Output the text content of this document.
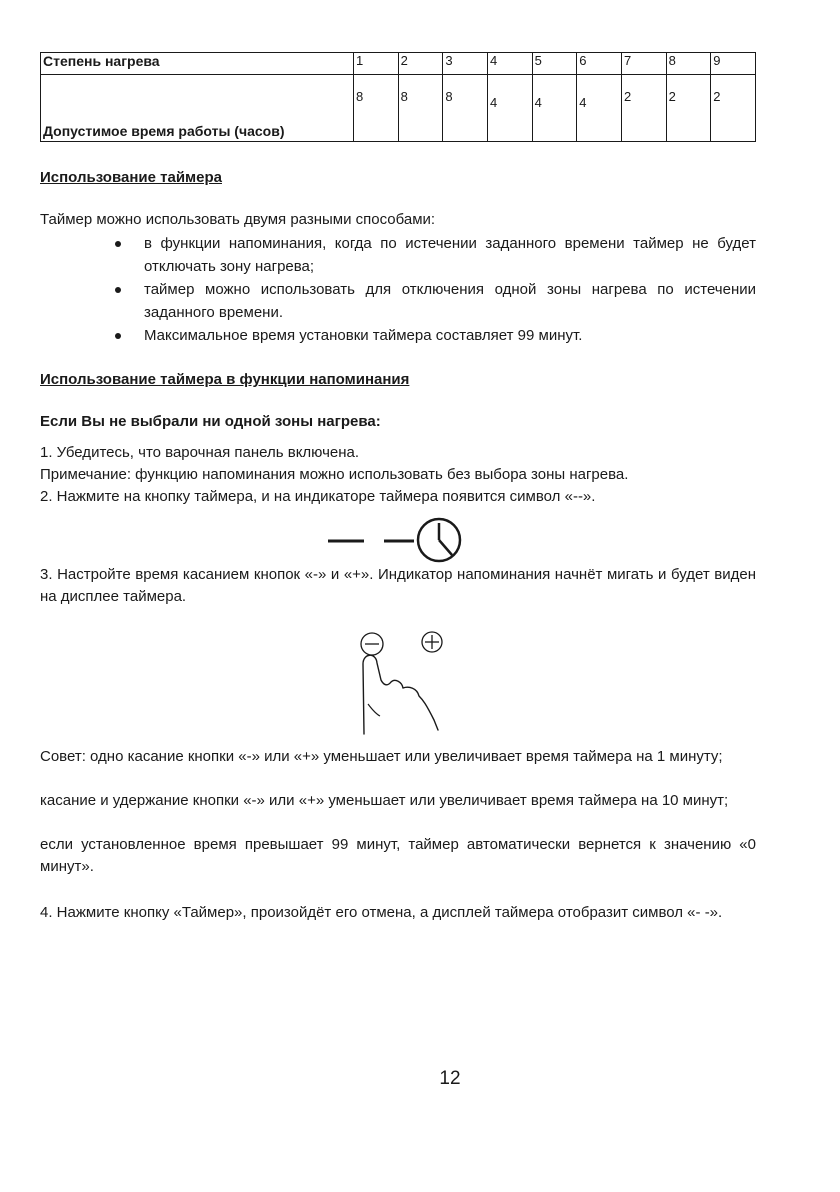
Степень нагрева	1	2	3	4	5	6	7	8	9
Допустимое время работы (часов)	8	8	8	4	4	4	2	2	2
Использование таймера
Таймер можно использовать двумя разными способами:
в функции напоминания, когда по истечении заданного времени таймер не будет отключать зону нагрева;
таймер можно использовать для отключения одной зоны нагрева по истечении заданного времени.
Максимальное время установки таймера составляет 99 минут.
Использование таймера в функции напоминания
Если Вы не выбрали ни одной зоны нагрева:
1. Убедитесь, что варочная панель включена.
Примечание: функцию напоминания можно использовать без выбора зоны нагрева.
2. Нажмите на кнопку таймера, и на индикаторе таймера появится символ «--».
3. Настройте время касанием кнопок «-» и «+». Индикатор напоминания начнёт мигать и будет виден на дисплее таймера.
Совет: одно касание кнопки «-» или «+» уменьшает или увеличивает время таймера на 1 минуту;
касание и удержание кнопки «-» или «+» уменьшает или увеличивает время таймера на 10 минут;
если установленное время превышает 99 минут, таймер автоматически вернется к значению «0 минут».
4. Нажмите кнопку «Таймер», произойдёт его отмена, а дисплей таймера отобразит символ «- -».
12
